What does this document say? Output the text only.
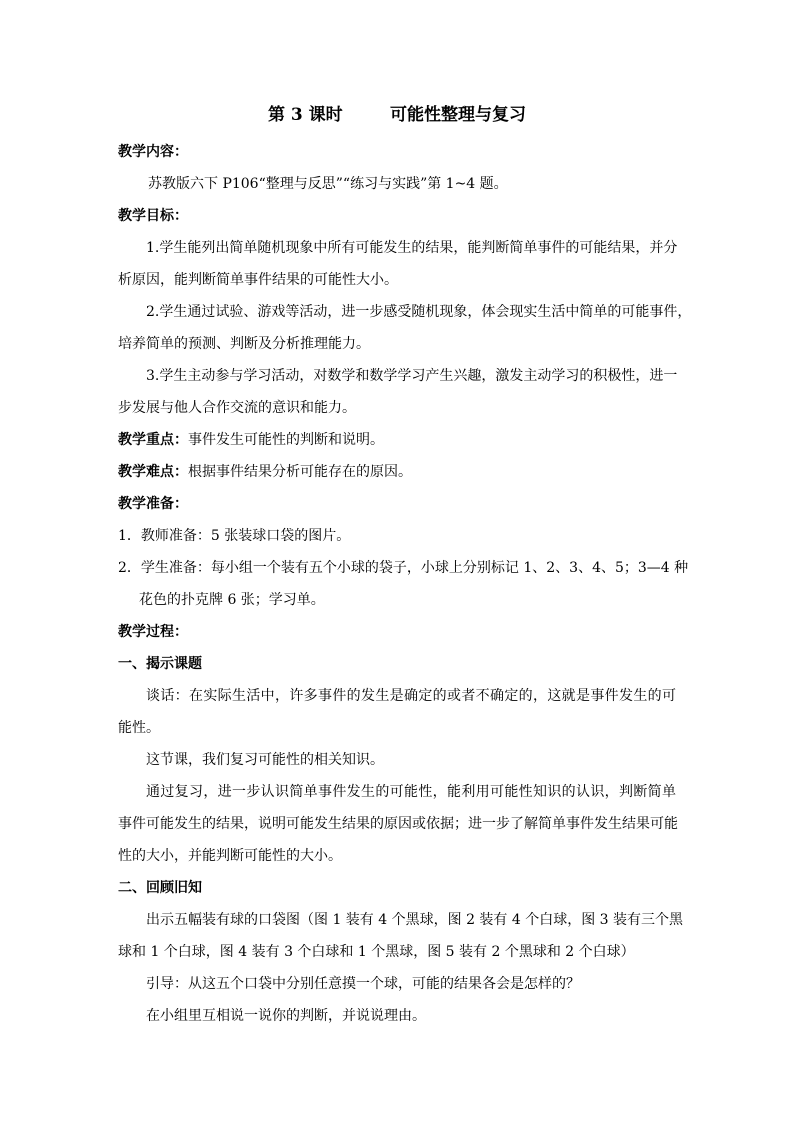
第 3 课时        可能性整理与复习
教学内容：
苏教版六下 P106“整理与反思”“练习与实践”第 1~4 题。
教学目标：
1.学生能列出简单随机现象中所有可能发生的结果，能判断简单事件的可能结果，并分
析原因，能判断简单事件结果的可能性大小。
2.学生通过试验、游戏等活动，进一步感受随机现象，体会现实生活中简单的可能事件，
培养简单的预测、判断及分析推理能力。
3.学生主动参与学习活动，对数学和数学学习产生兴趣，激发主动学习的积极性，进一
步发展与他人合作交流的意识和能力。
教学重点：事件发生可能性的判断和说明。
教学难点：根据事件结果分析可能存在的原因。
教学准备：
1．教师准备：5 张装球口袋的图片。
2．学生准备：每小组一个装有五个小球的袋子，小球上分别标记 1、2、3、4、5；3—4 种
花色的扑克牌 6 张；学习单。
教学过程：
一、揭示课题
谈话：在实际生活中，许多事件的发生是确定的或者不确定的，这就是事件发生的可
能性。
这节课，我们复习可能性的相关知识。
通过复习，进一步认识简单事件发生的可能性，能利用可能性知识的认识，判断简单
事件可能发生的结果，说明可能发生结果的原因或依据；进一步了解简单事件发生结果可能
性的大小，并能判断可能性的大小。
二、回顾旧知
出示五幅装有球的口袋图（图 1 装有 4 个黑球，图 2 装有 4 个白球，图 3 装有三个黑
球和 1 个白球，图 4 装有 3 个白球和 1 个黑球，图 5 装有 2 个黑球和 2 个白球）
引导：从这五个口袋中分别任意摸一个球，可能的结果各会是怎样的？
在小组里互相说一说你的判断，并说说理由。
